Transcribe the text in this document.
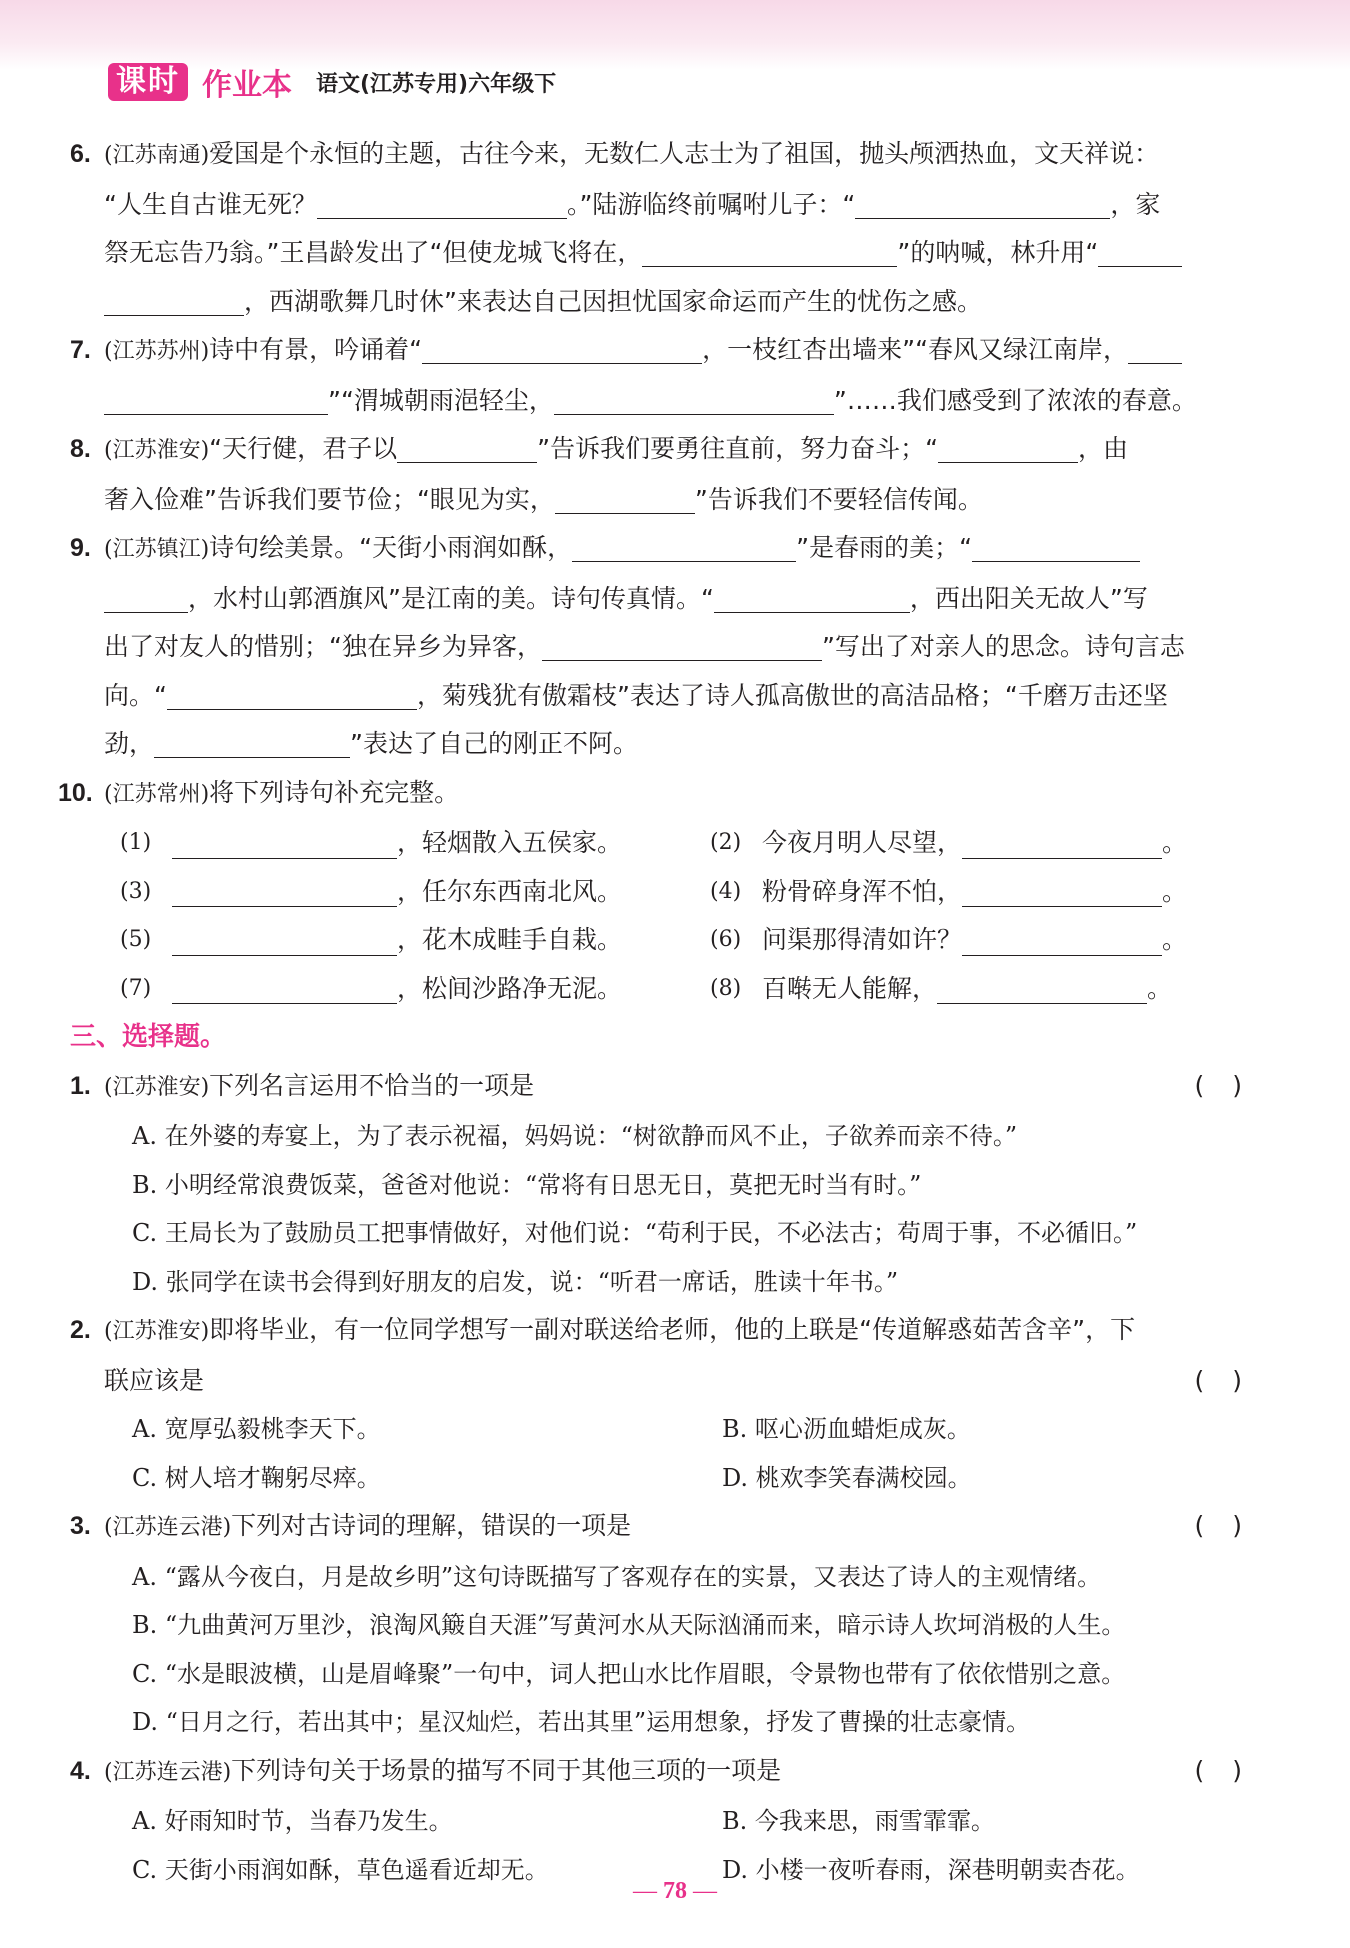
课时 作业本 语文(江苏专用)六年级下
6. (江苏南通)爱国是个永恒的主题，古往今来，无数仁人志士为了祖国，抛头颅洒热血，文天祥说：
“人生自古谁无死？	。”陆游临终前嘱咐儿子：“	，家
祭无忘告乃翁。”王昌龄发出了“但使龙城飞将在，	”的呐喊，林升用“
，西湖歌舞几时休”来表达自己因担忧国家命运而产生的忧伤之感。
7. (江苏苏州)诗中有景，吟诵着“	，一枝红杏出墙来”“春风又绿江南岸，
”“渭城朝雨浥轻尘，	”……我们感受到了浓浓的春意。
8. (江苏淮安)“天行健，君子以	”告诉我们要勇往直前，努力奋斗；“	，由
奢入俭难”告诉我们要节俭；“眼见为实，	”告诉我们不要轻信传闻。
9. (江苏镇江)诗句绘美景。“天街小雨润如酥，	”是春雨的美；“
，水村山郭酒旗风”是江南的美。诗句传真情。“	，西出阳关无故人”写
出了对友人的惜别；“独在异乡为异客，	”写出了对亲人的思念。诗句言志
向。“	，菊残犹有傲霜枝”表达了诗人孤高傲世的高洁品格；“千磨万击还坚
劲，	”表达了自己的刚正不阿。
10. (江苏常州)将下列诗句补充完整。
(1)	，轻烟散入五侯家。	(2) 今夜月明人尽望，	。
(3)	，任尔东西南北风。	(4) 粉骨碎身浑不怕，	。
(5)	，花木成畦手自栽。	(6) 问渠那得清如许？	。
(7)	，松间沙路净无泥。	(8) 百啭无人能解，	。
三、选择题。
1. (江苏淮安)下列名言运用不恰当的一项是	()
A. 在外婆的寿宴上，为了表示祝福，妈妈说：“树欲静而风不止，子欲养而亲不待。”
B. 小明经常浪费饭菜，爸爸对他说：“常将有日思无日，莫把无时当有时。”
C. 王局长为了鼓励员工把事情做好，对他们说：“苟利于民，不必法古；苟周于事，不必循旧。”
D. 张同学在读书会得到好朋友的启发，说：“听君一席话，胜读十年书。”
2. (江苏淮安)即将毕业，有一位同学想写一副对联送给老师，他的上联是“传道解惑茹苦含辛”，下
联应该是	()
A. 宽厚弘毅桃李天下。	B. 呕心沥血蜡炬成灰。
C. 树人培才鞠躬尽瘁。	D. 桃欢李笑春满校园。
3. (江苏连云港)下列对古诗词的理解，错误的一项是	()
A. “露从今夜白，月是故乡明”这句诗既描写了客观存在的实景，又表达了诗人的主观情绪。
B. “九曲黄河万里沙，浪淘风簸自天涯”写黄河水从天际汹涌而来，暗示诗人坎坷消极的人生。
C. “水是眼波横，山是眉峰聚”一句中，词人把山水比作眉眼，令景物也带有了依依惜别之意。
D. “日月之行，若出其中；星汉灿烂，若出其里”运用想象，抒发了曹操的壮志豪情。
4. (江苏连云港)下列诗句关于场景的描写不同于其他三项的一项是	()
A. 好雨知时节，当春乃发生。	B. 今我来思，雨雪霏霏。
C. 天街小雨润如酥，草色遥看近却无。	D. 小楼一夜听春雨，深巷明朝卖杏花。
— 78 —
